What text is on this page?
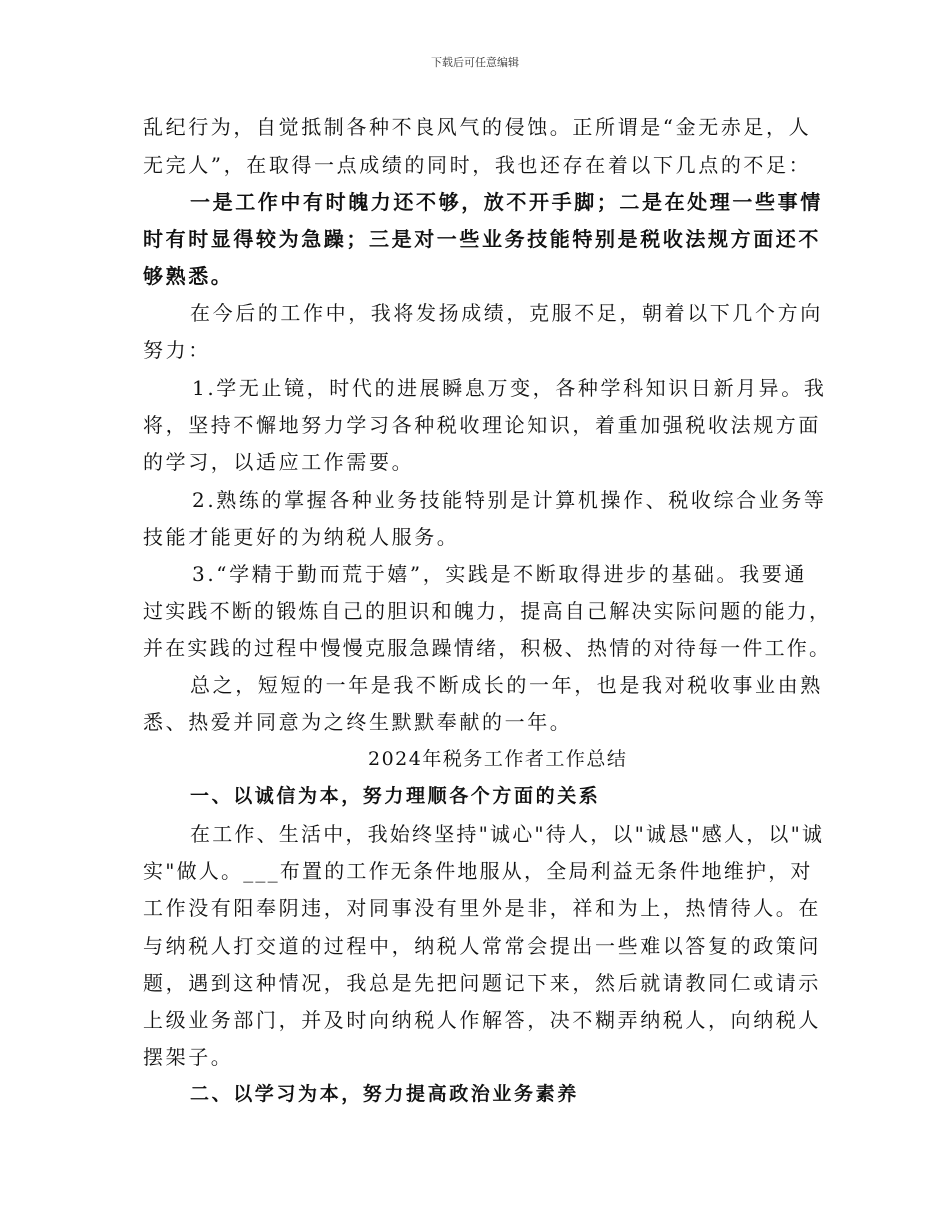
下载后可任意编辑
乱纪行为，自觉抵制各种不良风气的侵蚀。正所谓是“金无赤足，人
无完人”，在取得一点成绩的同时，我也还存在着以下几点的不足：
一是工作中有时魄力还不够，放不开手脚；二是在处理一些事情
时有时显得较为急躁；三是对一些业务技能特别是税收法规方面还不
够熟悉。
在今后的工作中，我将发扬成绩，克服不足，朝着以下几个方向
努力：
1.学无止镜，时代的进展瞬息万变，各种学科知识日新月异。我
将，坚持不懈地努力学习各种税收理论知识，着重加强税收法规方面
的学习，以适应工作需要。
2.熟练的掌握各种业务技能特别是计算机操作、税收综合业务等
技能才能更好的为纳税人服务。
3.“学精于勤而荒于嬉”，实践是不断取得进步的基础。我要通
过实践不断的锻炼自己的胆识和魄力，提高自己解决实际问题的能力，
并在实践的过程中慢慢克服急躁情绪，积极、热情的对待每一件工作。
总之，短短的一年是我不断成长的一年，也是我对税收事业由熟
悉、热爱并同意为之终生默默奉献的一年。
2024年税务工作者工作总结
一、以诚信为本，努力理顺各个方面的关系
在工作、生活中，我始终坚持"诚心"待人，以"诚恳"感人，以"诚
实"做人。___布置的工作无条件地服从，全局利益无条件地维护，对
工作没有阳奉阴违，对同事没有里外是非，祥和为上，热情待人。在
与纳税人打交道的过程中，纳税人常常会提出一些难以答复的政策问
题，遇到这种情况，我总是先把问题记下来，然后就请教同仁或请示
上级业务部门，并及时向纳税人作解答，决不糊弄纳税人，向纳税人
摆架子。
二、以学习为本，努力提高政治业务素养
